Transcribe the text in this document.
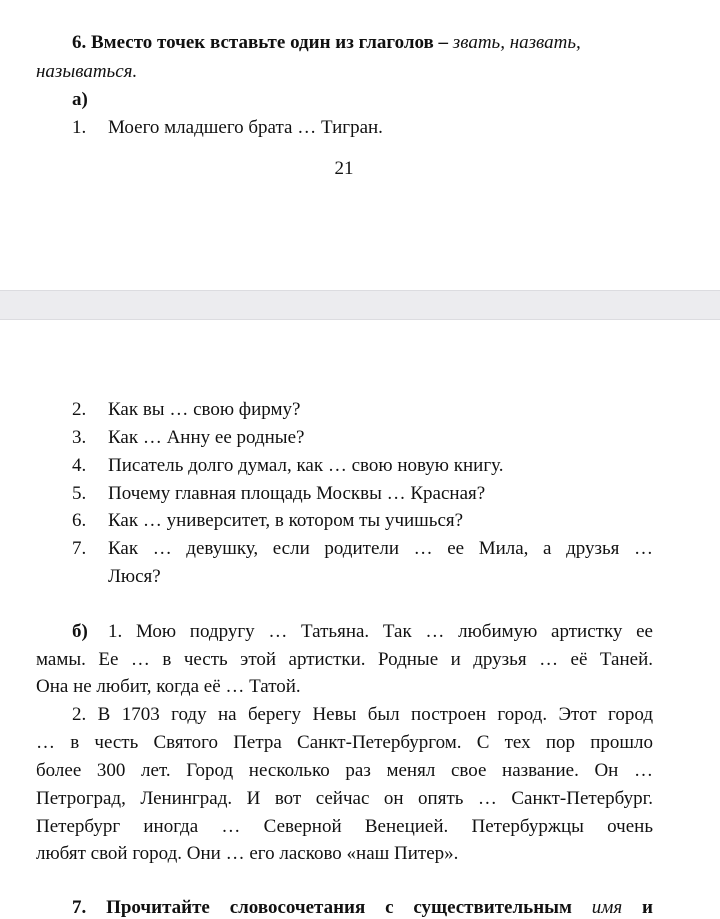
6. Вместо точек вставьте один из глаголов – звать, назвать,
называться.
а)
1. Моего младшего брата … Тигран.
21
2. Как вы … свою фирму?
3. Как … Анну ее родные?
4. Писатель долго думал, как … свою новую книгу.
5. Почему главная площадь Москвы … Красная?
6. Как … университет, в котором ты учишься?
7. Как … девушку, если родители … ее Мила, а друзья …
Люся?
б) 1. Мою подругу … Татьяна. Так … любимую артистку ее
мамы. Ее … в честь этой артистки. Родные и друзья … её Таней.
Она не любит, когда её … Татой.
2. В 1703 году на берегу Невы был построен город. Этот город
… в честь Святого Петра Санкт-Петербургом. С тех пор прошло
более 300 лет. Город несколько раз менял свое название. Он …
Петроград, Ленинград. И вот сейчас он опять … Санкт-Петербург.
Петербург иногда … Северной Венецией. Петербуржцы очень
любят свой город. Они … его ласково «наш Питер».
7. Прочитайте словосочетания с существительным имя и
